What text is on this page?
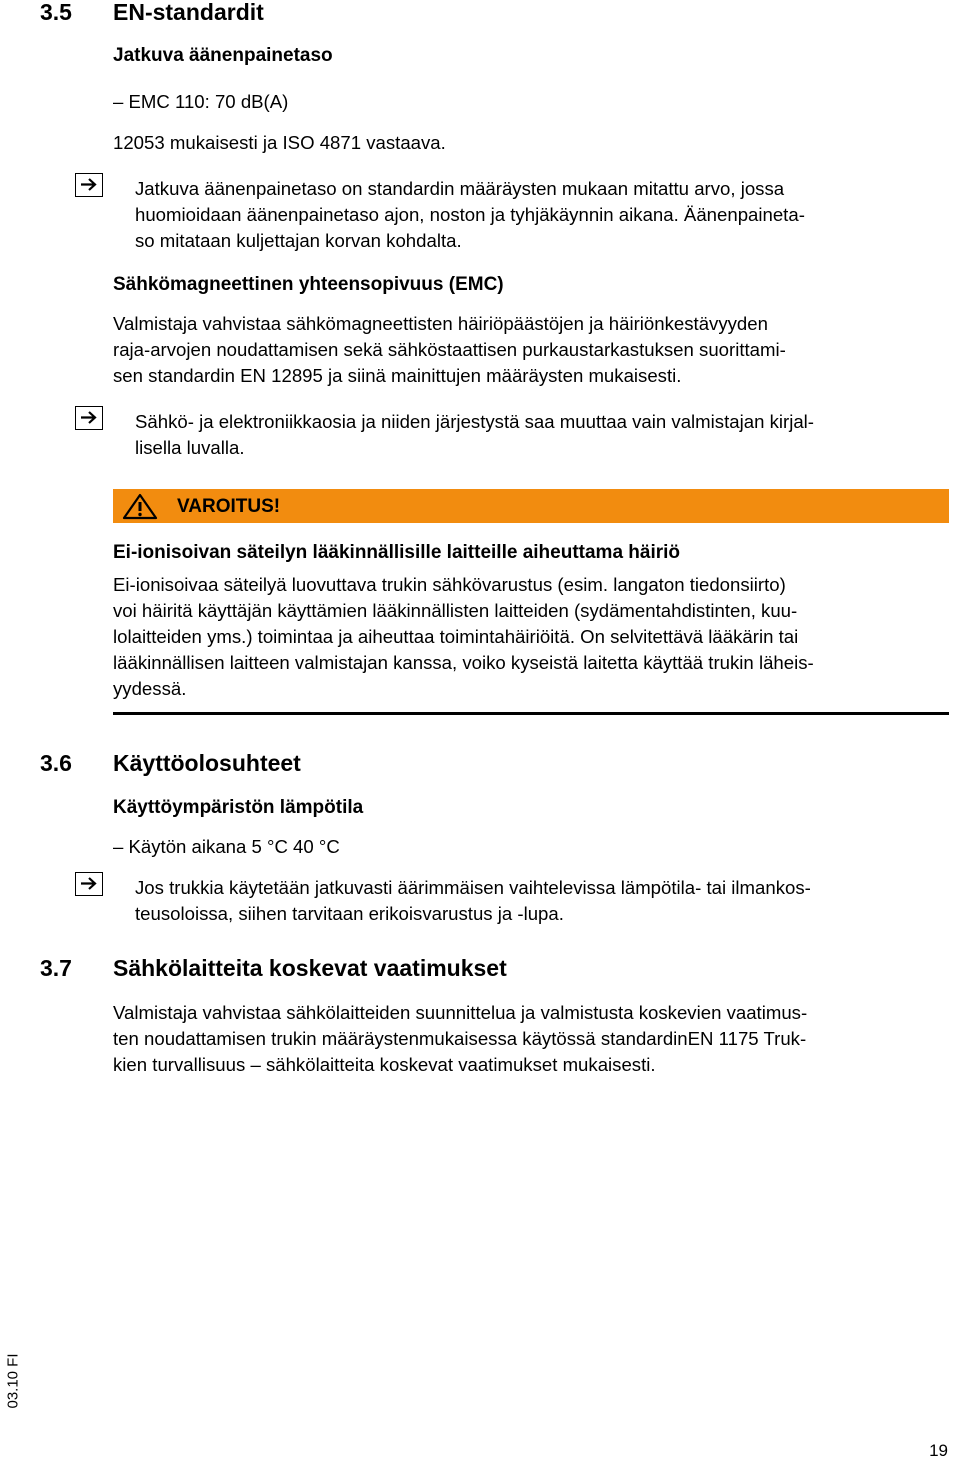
3.5 EN-standardit
Jatkuva äänenpainetaso
– EMC 110: 70 dB(A)
12053 mukaisesti ja ISO 4871 vastaava.
Jatkuva äänenpainetaso on standardin määräysten mukaan mitattu arvo, jossa
huomioidaan äänenpainetaso ajon, noston ja tyhjäkäynnin aikana. Äänenpaineta-
so mitataan kuljettajan korvan kohdalta.
Sähkömagneettinen yhteensopivuus (EMC)
Valmistaja vahvistaa sähkömagneettisten häiriöpäästöjen ja häiriönkestävyyden
raja-arvojen noudattamisen sekä sähköstaattisen purkaustarkastuksen suorittami-
sen standardin EN 12895 ja siinä mainittujen määräysten mukaisesti.
Sähkö- ja elektroniikkaosia ja niiden järjestystä saa muuttaa vain valmistajan kirjal-
lisella luvalla.
VAROITUS!
Ei-ionisoivan säteilyn lääkinnällisille laitteille aiheuttama häiriö
Ei-ionisoivaa säteilyä luovuttava trukin sähkövarustus (esim. langaton tiedonsiirto)
voi häiritä käyttäjän käyttämien lääkinnällisten laitteiden (sydämentahdistinten, kuu-
lolaitteiden yms.) toimintaa ja aiheuttaa toimintahäiriöitä. On selvitettävä lääkärin tai
lääkinnällisen laitteen valmistajan kanssa, voiko kyseistä laitetta käyttää trukin läheis-
yydessä.
3.6 Käyttöolosuhteet
Käyttöympäristön lämpötila
– Käytön aikana 5 °C 40 °C
Jos trukkia käytetään jatkuvasti äärimmäisen vaihtelevissa lämpötila- tai ilmankos-
teusoloissa, siihen tarvitaan erikoisvarustus ja -lupa.
3.7 Sähkölaitteita koskevat vaatimukset
Valmistaja vahvistaa sähkölaitteiden suunnittelua ja valmistusta koskevien vaatimus-
ten noudattamisen trukin määräystenmukaisessa käytössä standardinEN 1175 Truk-
kien turvallisuus – sähkölaitteita koskevat vaatimukset mukaisesti.
03.10 FI
19
